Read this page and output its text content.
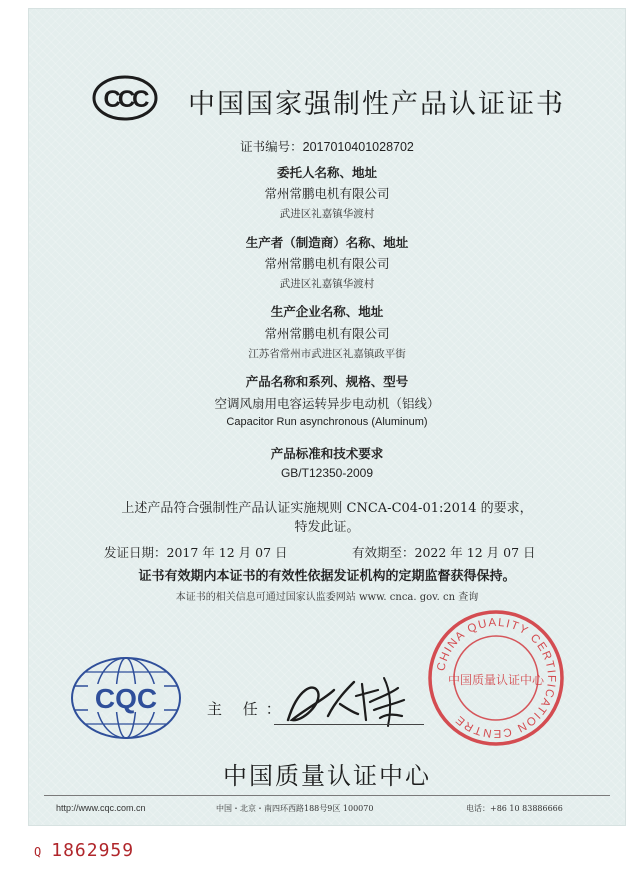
CCC 中国国家强制性产品认证证书
证书编号：2017010401028702
委托人名称、地址
常州常鹏电机有限公司
武进区礼嘉镇华渡村
生产者（制造商）名称、地址
常州常鹏电机有限公司
武进区礼嘉镇华渡村
生产企业名称、地址
常州常鹏电机有限公司
江苏省常州市武进区礼嘉镇政平街
产品名称和系列、规格、型号
空调风扇用电容运转异步电动机（铝线）
Capacitor Run asynchronous (Aluminum)
产品标准和技术要求
GB/T12350-2009
上述产品符合强制性产品认证实施规则 CNCA-C04-01:2014 的要求，
特发此证。
发证日期：2017 年 12 月 07 日	有效期至：2022 年 12 月 07 日
证书有效期内本证书的有效性依据发证机构的定期监督获得保持。
本证书的相关信息可通过国家认监委网站 www. cnca. gov. cn 查询
CQC	主 任：
CHINA QUALITY CERTIFICATION CENTRE
中国质量认证中心
中国质量认证中心
http://www.cqc.com.cn	中国・北京・南四环西路188号9区 100070	电话：+86 10 83886666
Q 1862959
